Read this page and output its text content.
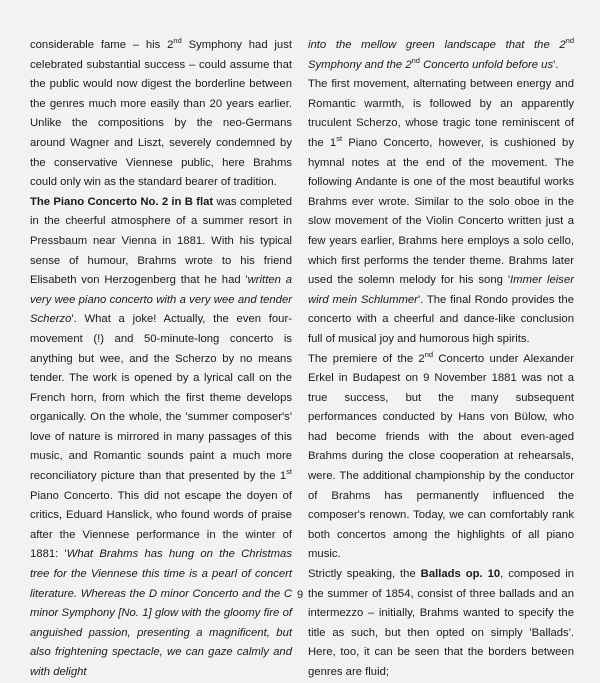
considerable fame – his 2nd Symphony had just celebrated substantial success – could assume that the public would now digest the borderline between the genres much more easily than 20 years earlier. Unlike the compositions by the neo-Germans around Wagner and Liszt, severely condemned by the conservative Viennese public, here Brahms could only win as the standard bearer of tradition.

The Piano Concerto No. 2 in B flat was completed in the cheerful atmosphere of a summer resort in Pressbaum near Vienna in 1881. With his typical sense of humour, Brahms wrote to his friend Elisabeth von Herzogenberg that he had 'written a very wee piano concerto with a very wee and tender Scherzo'. What a joke! Actually, the even four-movement (!) and 50-minute-long concerto is anything but wee, and the Scherzo by no means tender. The work is opened by a lyrical call on the French horn, from which the first theme develops organically. On the whole, the 'summer composer's' love of nature is mirrored in many passages of this music, and Romantic sounds paint a much more reconciliatory picture than that presented by the 1st Piano Concerto. This did not escape the doyen of critics, Eduard Hanslick, who found words of praise after the Viennese performance in the winter of 1881: 'What Brahms has hung on the Christmas tree for the Viennese this time is a pearl of concert literature. Whereas the D minor Concerto and the C minor Symphony [No. 1] glow with the gloomy fire of anguished passion, presenting a magnificent, but also frightening spectacle, we can gaze calmly and with delight

into the mellow green landscape that the 2nd Symphony and the 2nd Concerto unfold before us'.

The first movement, alternating between energy and Romantic warmth, is followed by an apparently truculent Scherzo, whose tragic tone reminiscent of the 1st Piano Concerto, however, is cushioned by hymnal notes at the end of the movement. The following Andante is one of the most beautiful works Brahms ever wrote. Similar to the solo oboe in the slow movement of the Violin Concerto written just a few years earlier, Brahms here employs a solo cello, which first performs the tender theme. Brahms later used the solemn melody for his song 'Immer leiser wird mein Schlummer'. The final Rondo provides the concerto with a cheerful and dance-like conclusion full of musical joy and humorous high spirits.

The premiere of the 2nd Concerto under Alexander Erkel in Budapest on 9 November 1881 was not a true success, but the many subsequent performances conducted by Hans von Bülow, who had become friends with the about even-aged Brahms during the close cooperation at rehearsals, were. The additional championship by the conductor of Brahms has permanently influenced the composer's renown. Today, we can comfortably rank both concertos among the highlights of all piano music.

Strictly speaking, the Ballads op. 10, composed in the summer of 1854, consist of three ballads and an intermezzo – initially, Brahms wanted to specify the title as such, but then opted on simply 'Ballads'. Here, too, it can be seen that the borders between genres are fluid;

9
